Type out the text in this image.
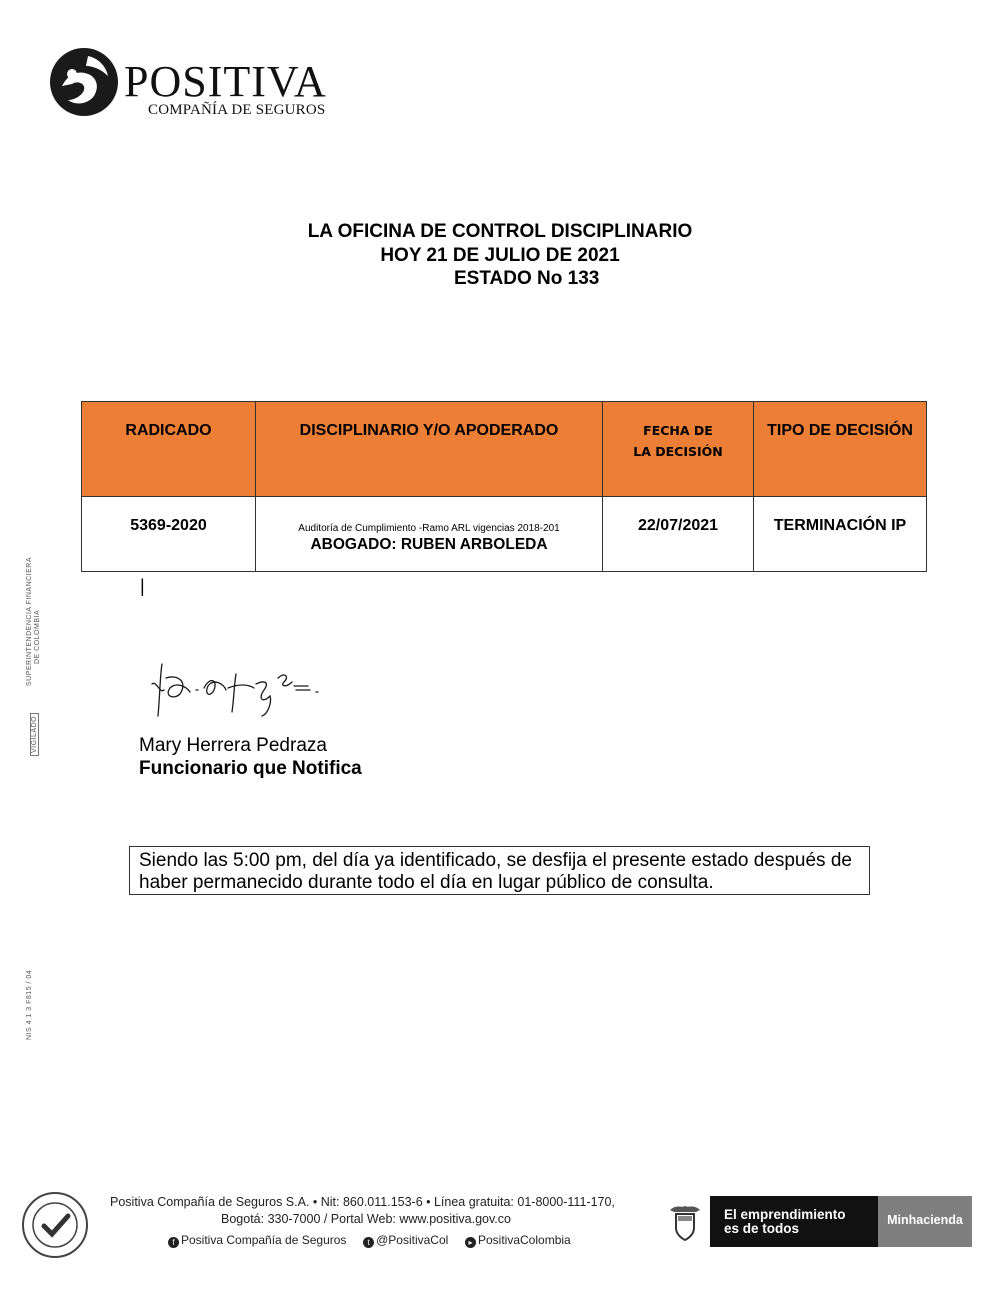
POSITIVA
COMPAÑÍA DE SEGUROS
LA OFICINA DE CONTROL DISCIPLINARIO
HOY 21 DE JULIO DE 2021
ESTADO No 133
RADICADO
5369-2020
DISCIPLINARIO Y/O APODERADO
Auditoría de Cumplimiento -Ramo ARL vigencias 2018-201
ABOGADO: RUBEN ARBOLEDA
FECHA DE LA DECISIÓN
22/07/2021
TIPO DE DECISIÓN
TERMINACIÓN IP
|
SUPERINTENDENCIA FINANCIERA DE COLOMBIA
VIGILADO
NIS 4 1 3 F815 / 04
Mary Herrera Pedraza
Funcionario que Notifica
Siendo las 5:00 pm, del día ya identificado, se desfija el presente estado después de haber permanecido durante todo el día en lugar público de consulta.
Positiva Compañía de Seguros S.A. • Nit: 860.011.153-6 • Línea gratuita: 01-8000-111-170,
Bogotá: 330-7000 / Portal Web: www.positiva.gov.co
f Positiva Compañía de Seguros	t @PositivaCol	▸ PositivaColombia
El emprendimiento
es de todos
Minhacienda
